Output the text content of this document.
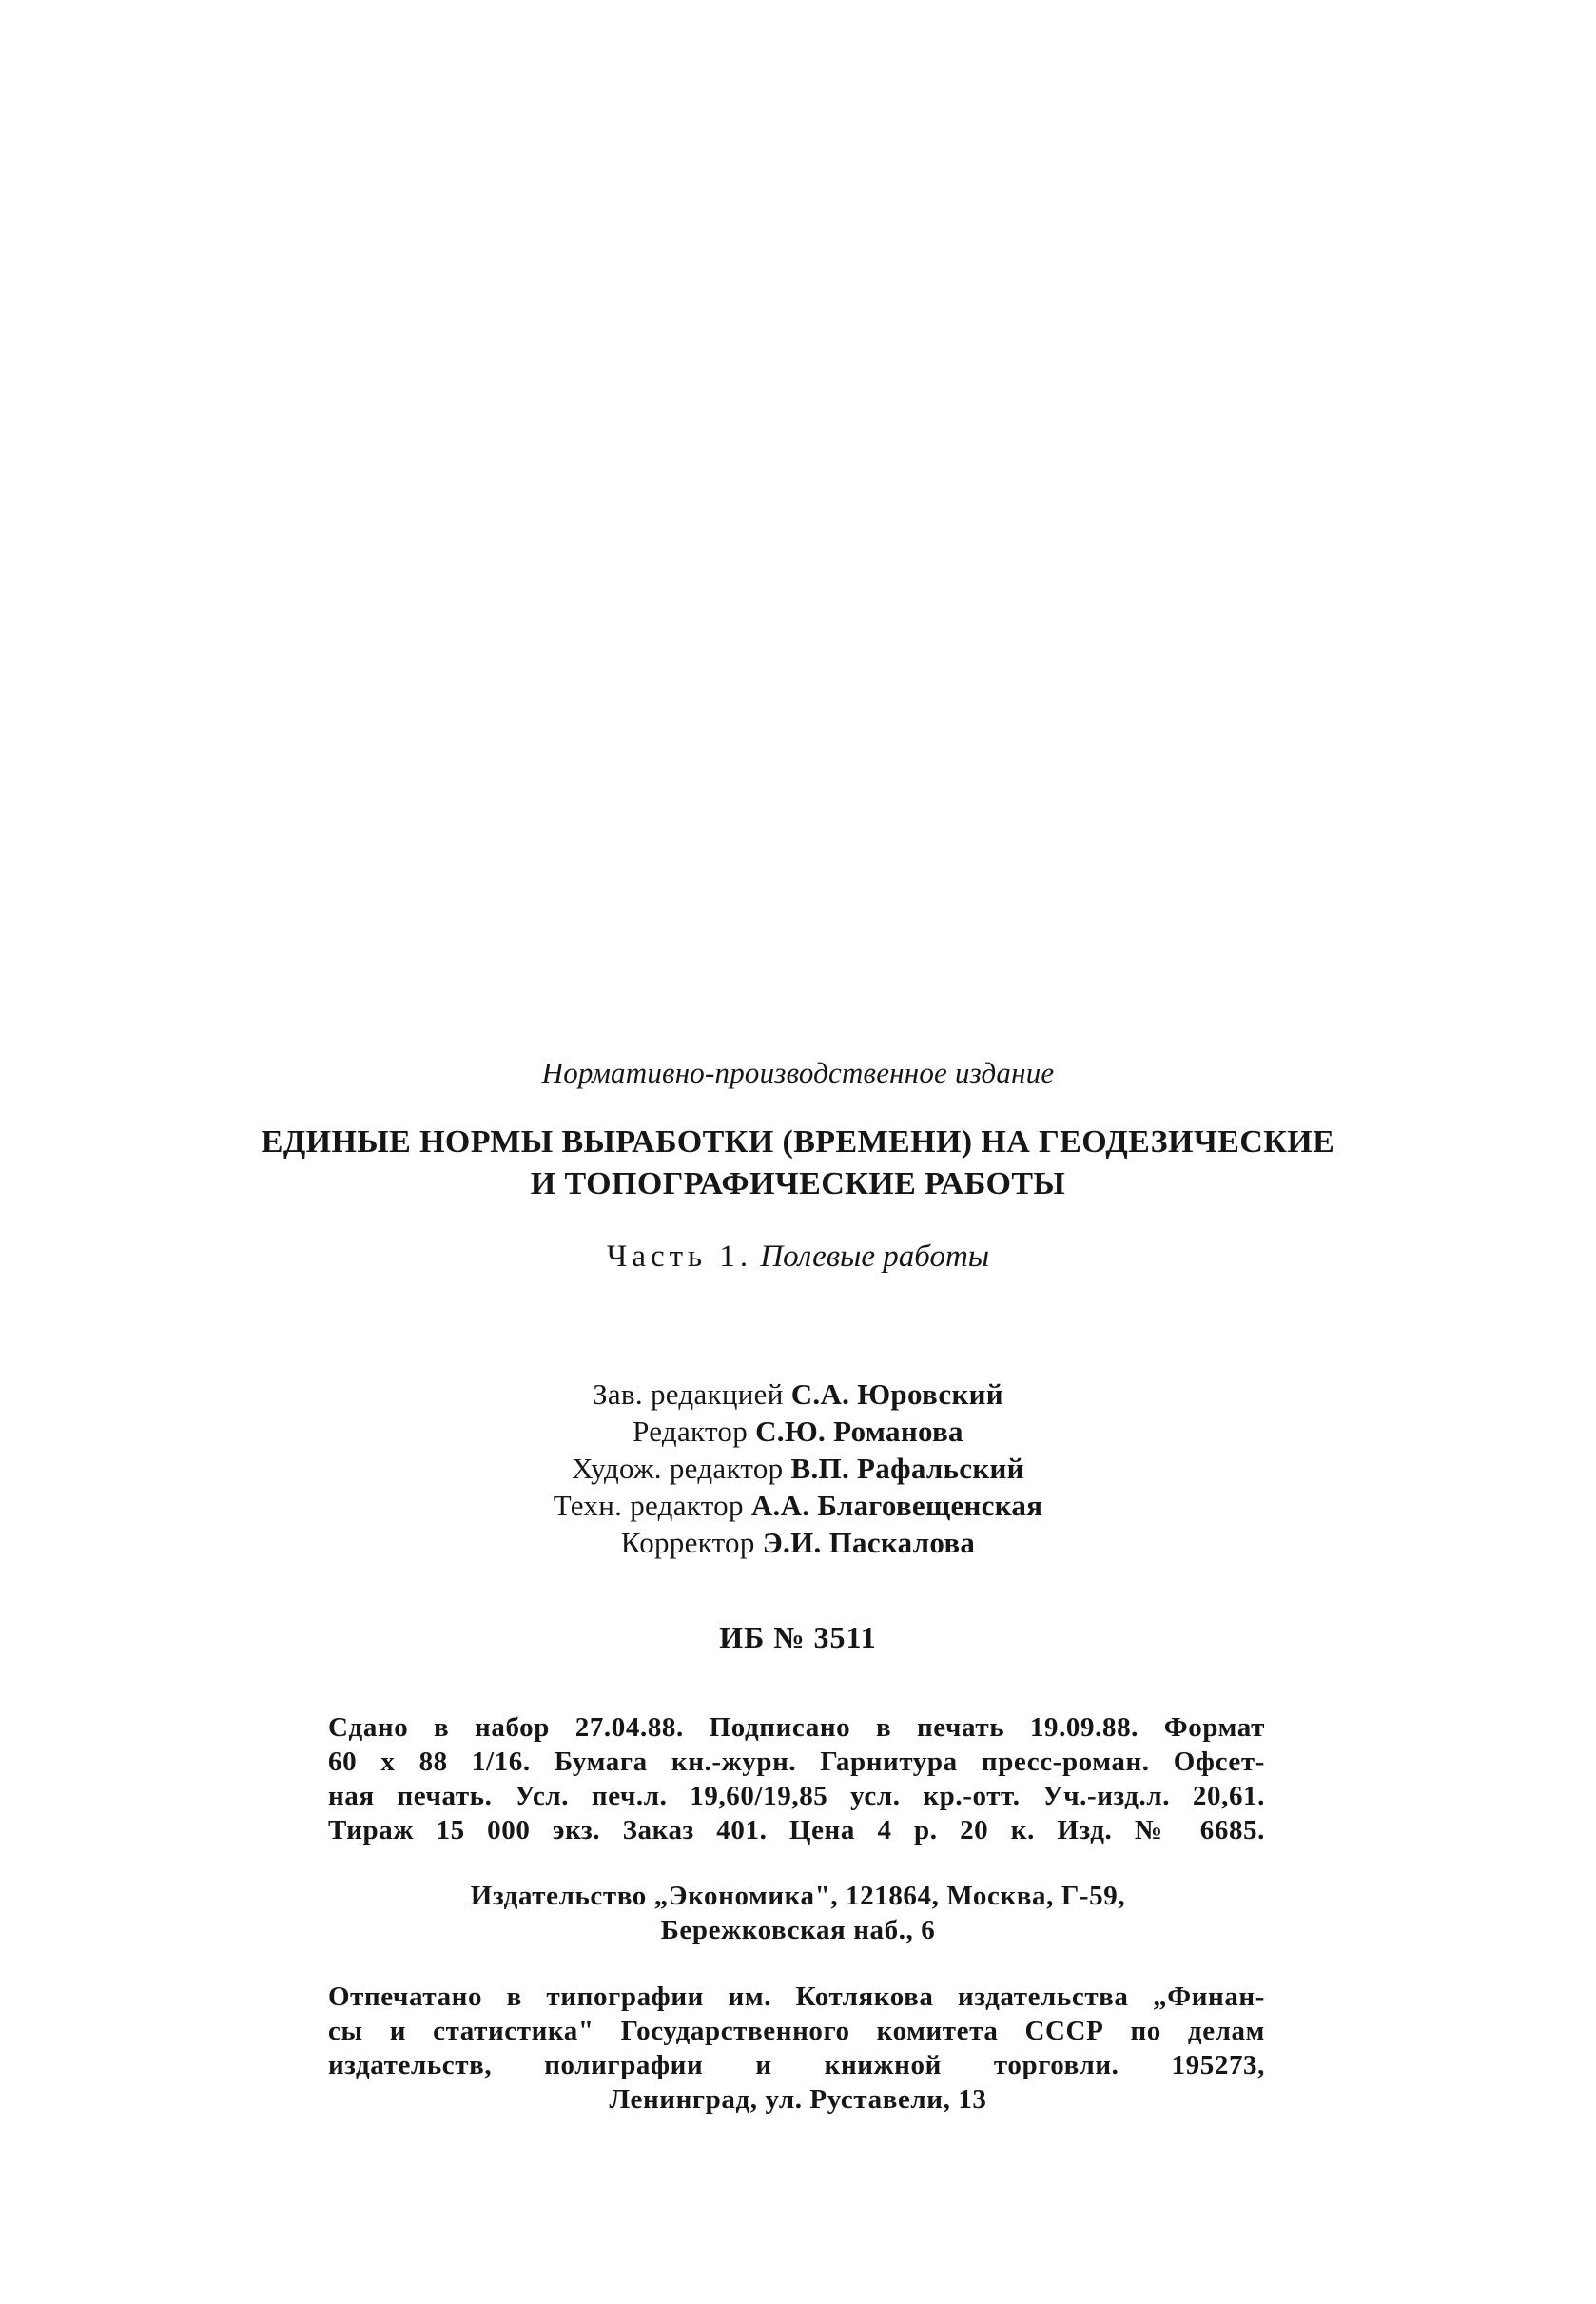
Нормативно-производственное издание
ЕДИНЫЕ НОРМЫ ВЫРАБОТКИ (ВРЕМЕНИ) НА ГЕОДЕЗИЧЕСКИЕ
И ТОПОГРАФИЧЕСКИЕ РАБОТЫ
Часть 1. Полевые работы
Зав. редакцией С.А. Юровский
Редактор С.Ю. Романова
Худож. редактор В.П. Рафальский
Техн. редактор А.А. Благовещенская
Корректор Э.И. Паскалова
ИБ № 3511
Сдано в набор 27.04.88. Подписано в печать 19.09.88. Формат
60 х 88 1/16. Бумага кн.-журн. Гарнитура пресс-роман. Офсет-
ная печать. Усл. печ.л. 19,60/19,85 усл. кр.-отт. Уч.-изд.л. 20,61.
Тираж 15 000 экз. Заказ 401. Цена 4 р. 20 к. Изд. № 6685.
Издательство „Экономика", 121864, Москва, Г-59,
Бережковская наб., 6
Отпечатано в типографии им. Котлякова издательства „Финан-
сы и статистика" Государственного комитета СССР по делам
издательств, полиграфии и книжной торговли. 195273,
Ленинград, ул. Руставели, 13
